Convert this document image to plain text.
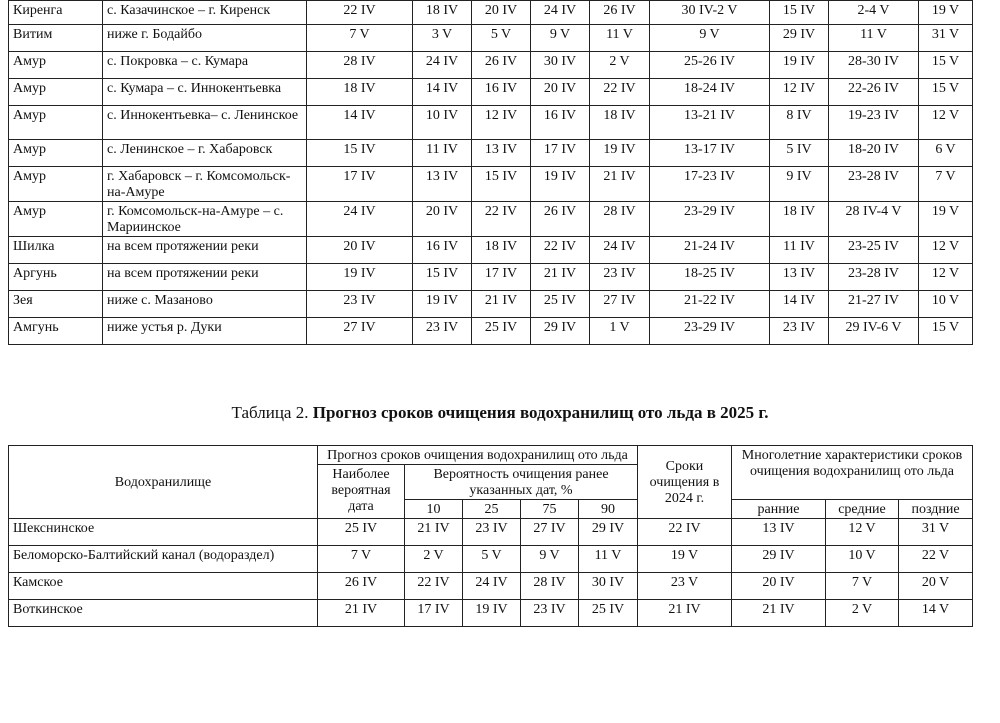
Киренга	с. Казачинское – г. Киренск	22 IV	18 IV	20 IV	24 IV	26 IV	30 IV-2 V	15 IV	2-4 V	19 V
Витим	ниже г. Бодайбо	7 V	3 V	5 V	9 V	11 V	9 V	29 IV	11 V	31 V
Амур	с. Покровка – с. Кумара	28 IV	24 IV	26 IV	30 IV	2 V	25-26 IV	19 IV	28-30 IV	15 V
Амур	с. Кумара – с. Иннокентьевка	18 IV	14 IV	16 IV	20 IV	22 IV	18-24 IV	12 IV	22-26 IV	15 V
Амур	с. Иннокентьевка– с. Ленинское	14 IV	10 IV	12 IV	16 IV	18 IV	13-21 IV	8 IV	19-23 IV	12 V
Амур	с. Ленинское – г. Хабаровск	15 IV	11 IV	13 IV	17 IV	19 IV	13-17 IV	5 IV	18-20 IV	6 V
Амур	г. Хабаровск – г. Комсомольск-на-Амуре	17 IV	13 IV	15 IV	19 IV	21 IV	17-23 IV	9 IV	23-28 IV	7 V
Амур	г. Комсомольск-на-Амуре – с. Мариинское	24 IV	20 IV	22 IV	26 IV	28 IV	23-29 IV	18 IV	28 IV-4 V	19 V
Шилка	на всем протяжении реки	20 IV	16 IV	18 IV	22 IV	24 IV	21-24 IV	11 IV	23-25 IV	12 V
Аргунь	на всем протяжении реки	19 IV	15 IV	17 IV	21 IV	23 IV	18-25 IV	13 IV	23-28 IV	12 V
Зея	ниже с. Мазаново	23 IV	19 IV	21 IV	25 IV	27 IV	21-22 IV	14 IV	21-27 IV	10 V
Амгунь	ниже устья р. Дуки	27 IV	23 IV	25 IV	29 IV	1 V	23-29 IV	23 IV	29 IV-6 V	15 V
Таблица 2. Прогноз сроков очищения водохранилищ ото льда в 2025 г.
Водохранилище	Прогноз сроков очищения водохранилищ ото льда					Сроки очищения в 2024 г.	Многолетние характеристики сроков очищения водохранилищ ото льда		
	Наиболее вероятная дата	Вероятность очищения ранее указанных дат, %							
		10	25	75	90		ранние	средние	поздние
Шекснинское	25 IV	21 IV	23 IV	27 IV	29 IV	22 IV	13 IV	12 V	31 V
Беломорско-Балтийский канал (водораздел)	7 V	2 V	5 V	9 V	11 V	19 V	29 IV	10 V	22 V
Камское	26 IV	22 IV	24 IV	28 IV	30 IV	23 V	20 IV	7 V	20 V
Воткинское	21 IV	17 IV	19 IV	23 IV	25 IV	21 IV	21 IV	2 V	14 V
